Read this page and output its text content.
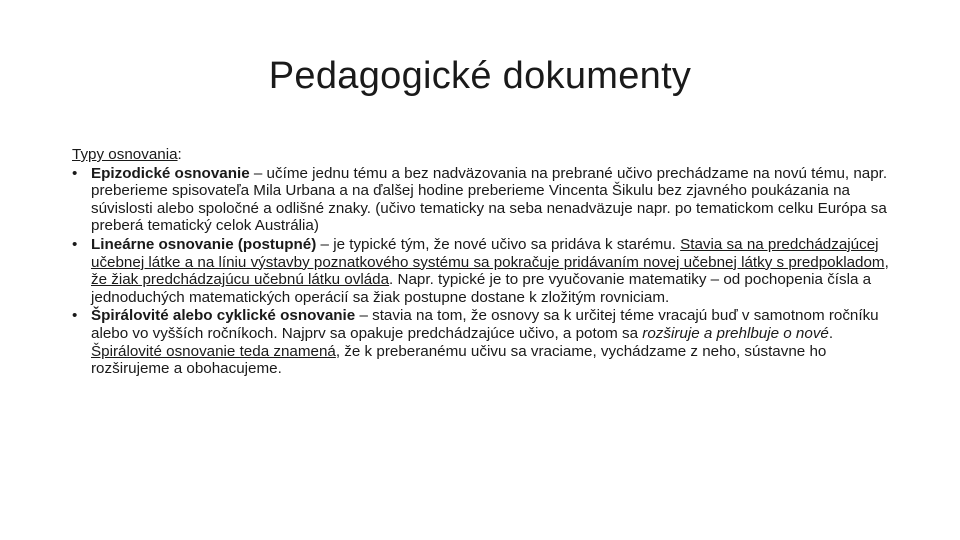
Pedagogické dokumenty
Typy osnovania:
• Epizodické osnovanie – učíme jednu tému a bez nadväzovania na prebrané učivo prechádzame na novú tému, napr. preberieme spisovateľa Mila Urbana a na ďalšej hodine preberieme Vincenta Šikulu bez zjavného poukázania na súvislosti alebo spoločné a odlišné znaky. (učivo tematicky na seba nenadväzuje napr. po tematickom celku Európa sa preberá tematický celok Austrália)
• Lineárne osnovanie (postupné) – je typické tým, že nové učivo sa pridáva k starému. Stavia sa na predchádzajúcej učebnej látke a na líniu výstavby poznatkového systému sa pokračuje pridávaním novej učebnej látky s predpokladom, že žiak predchádzajúcu učebnú látku ovláda. Napr. typické je to pre vyučovanie matematiky – od pochopenia čísla a jednoduchých matematických operácií sa žiak postupne dostane k zložitým rovniciam.
• Špirálovité alebo cyklické osnovanie – stavia na tom, že osnovy sa k určitej téme vracajú buď v samotnom ročníku alebo vo vyšších ročníkoch. Najprv sa opakuje predchádzajúce učivo, a potom sa rozširuje a prehlbuje o nové. Špirálovité osnovanie teda znamená, že k preberanému učivu sa vraciame, vychádzame z neho, sústavne ho rozširujeme a obohacujeme.
